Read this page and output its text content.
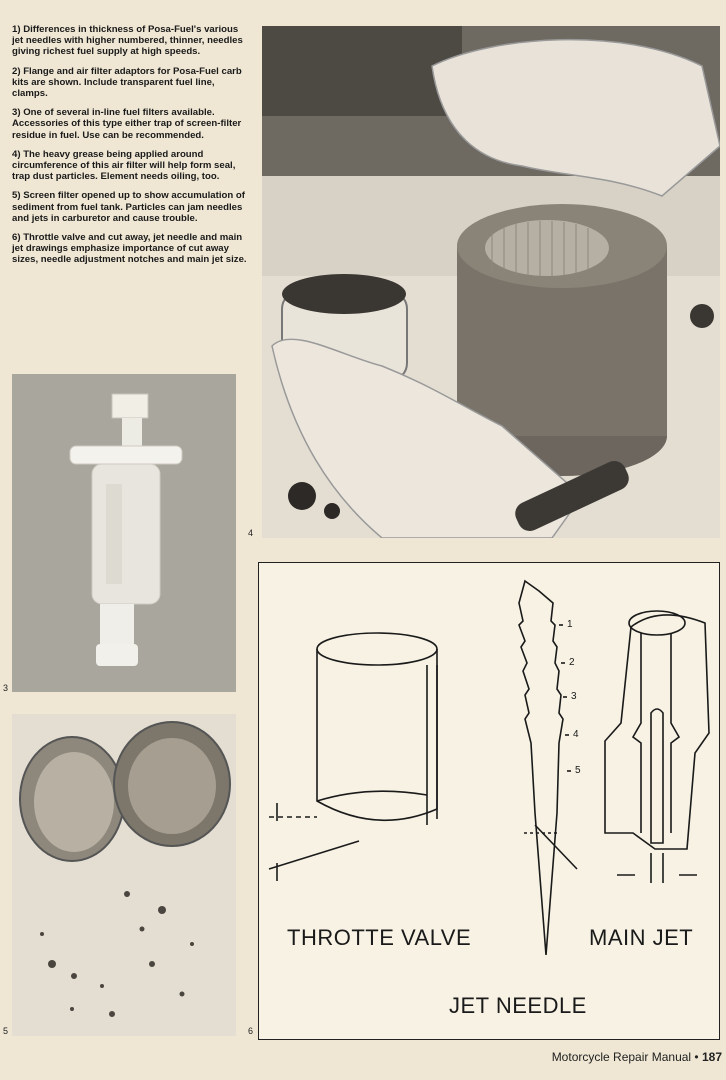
1) Differences in thickness of Posa-Fuel's various jet needles with higher numbered, thinner, needles giving richest fuel supply at high speeds.

2) Flange and air filter adaptors for Posa-Fuel carb kits are shown. Include transparent fuel line, clamps.

3) One of several in-line fuel filters available. Accessories of this type either trap of screen-filter residue in fuel. Use can be recommended.

4) The heavy grease being applied around circumference of this air filter will help form seal, trap dust particles. Element needs oiling, too.

5) Screen filter opened up to show accumulation of sediment from fuel tank. Particles can jam needles and jets in carburetor and cause trouble.

6) Throttle valve and cut away, jet needle and main jet drawings emphasize importance of cut away sizes, needle adjustment notches and main jet size.

4
3
5
THROTTE VALVE	MAIN JET
JET NEEDLE
1
2
3
4
5
6
Motorcycle Repair Manual • 187
